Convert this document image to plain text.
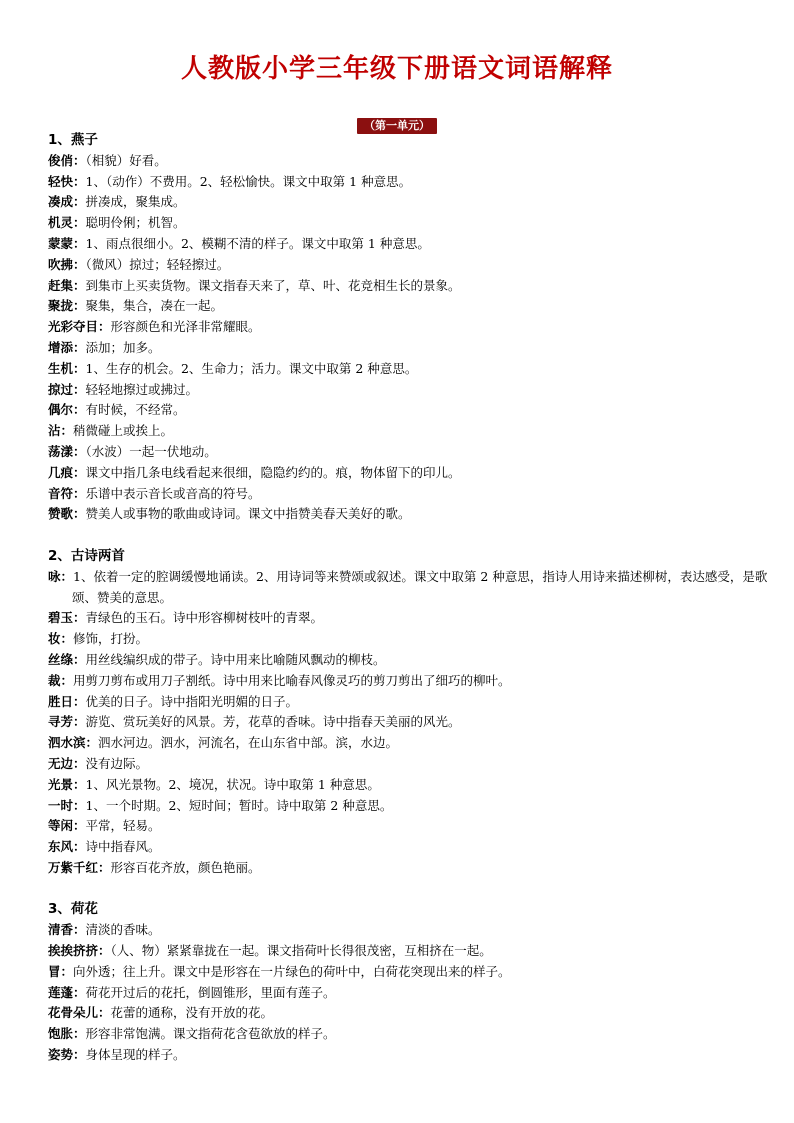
人教版小学三年级下册语文词语解释
（第一单元）
1、燕子
俊俏：（相貌）好看。
轻快：1、（动作）不费用。2、轻松愉快。课文中取第 1 种意思。
凑成：拼凑成，聚集成。
机灵：聪明伶俐；机智。
蒙蒙：1、雨点很细小。2、模糊不清的样子。课文中取第 1 种意思。
吹拂：（微风）掠过；轻轻擦过。
赶集：到集市上买卖货物。课文指春天来了，草、叶、花竞相生长的景象。
聚拢：聚集，集合，凑在一起。
光彩夺目：形容颜色和光泽非常耀眼。
增添：添加；加多。
生机：1、生存的机会。2、生命力；活力。课文中取第 2 种意思。
掠过：轻轻地擦过或拂过。
偶尔：有时候，不经常。
沾：稍微碰上或挨上。
荡漾：（水波）一起一伏地动。
几痕：课文中指几条电线看起来很细，隐隐约约的。痕，物体留下的印儿。
音符：乐谱中表示音长或音高的符号。
赞歌：赞美人或事物的歌曲或诗词。课文中指赞美春天美好的歌。
2、古诗两首
咏：1、依着一定的腔调缓慢地诵读。2、用诗词等来赞颂或叙述。课文中取第 2 种意思，指诗人用诗来描述柳树，表达感受，是歌颂、赞美的意思。
碧玉：青绿色的玉石。诗中形容柳树枝叶的青翠。
妆：修饰，打扮。
丝绦：用丝线编织成的带子。诗中用来比喻随风飘动的柳枝。
裁：用剪刀剪布或用刀子割纸。诗中用来比喻春风像灵巧的剪刀剪出了细巧的柳叶。
胜日：优美的日子。诗中指阳光明媚的日子。
寻芳：游览、赏玩美好的风景。芳，花草的香味。诗中指春天美丽的风光。
泗水滨：泗水河边。泗水，河流名，在山东省中部。滨，水边。
无边：没有边际。
光景：1、风光景物。2、境况，状况。诗中取第 1 种意思。
一时：1、一个时期。2、短时间；暂时。诗中取第 2 种意思。
等闲：平常，轻易。
东风：诗中指春风。
万紫千红：形容百花齐放，颜色艳丽。
3、荷花
清香：清淡的香味。
挨挨挤挤：（人、物）紧紧靠拢在一起。课文指荷叶长得很茂密，互相挤在一起。
冒：向外透；往上升。课文中是形容在一片绿色的荷叶中，白荷花突现出来的样子。
莲蓬：荷花开过后的花托，倒圆锥形，里面有莲子。
花骨朵儿：花蕾的通称，没有开放的花。
饱胀：形容非常饱满。课文指荷花含苞欲放的样子。
姿势：身体呈现的样子。
